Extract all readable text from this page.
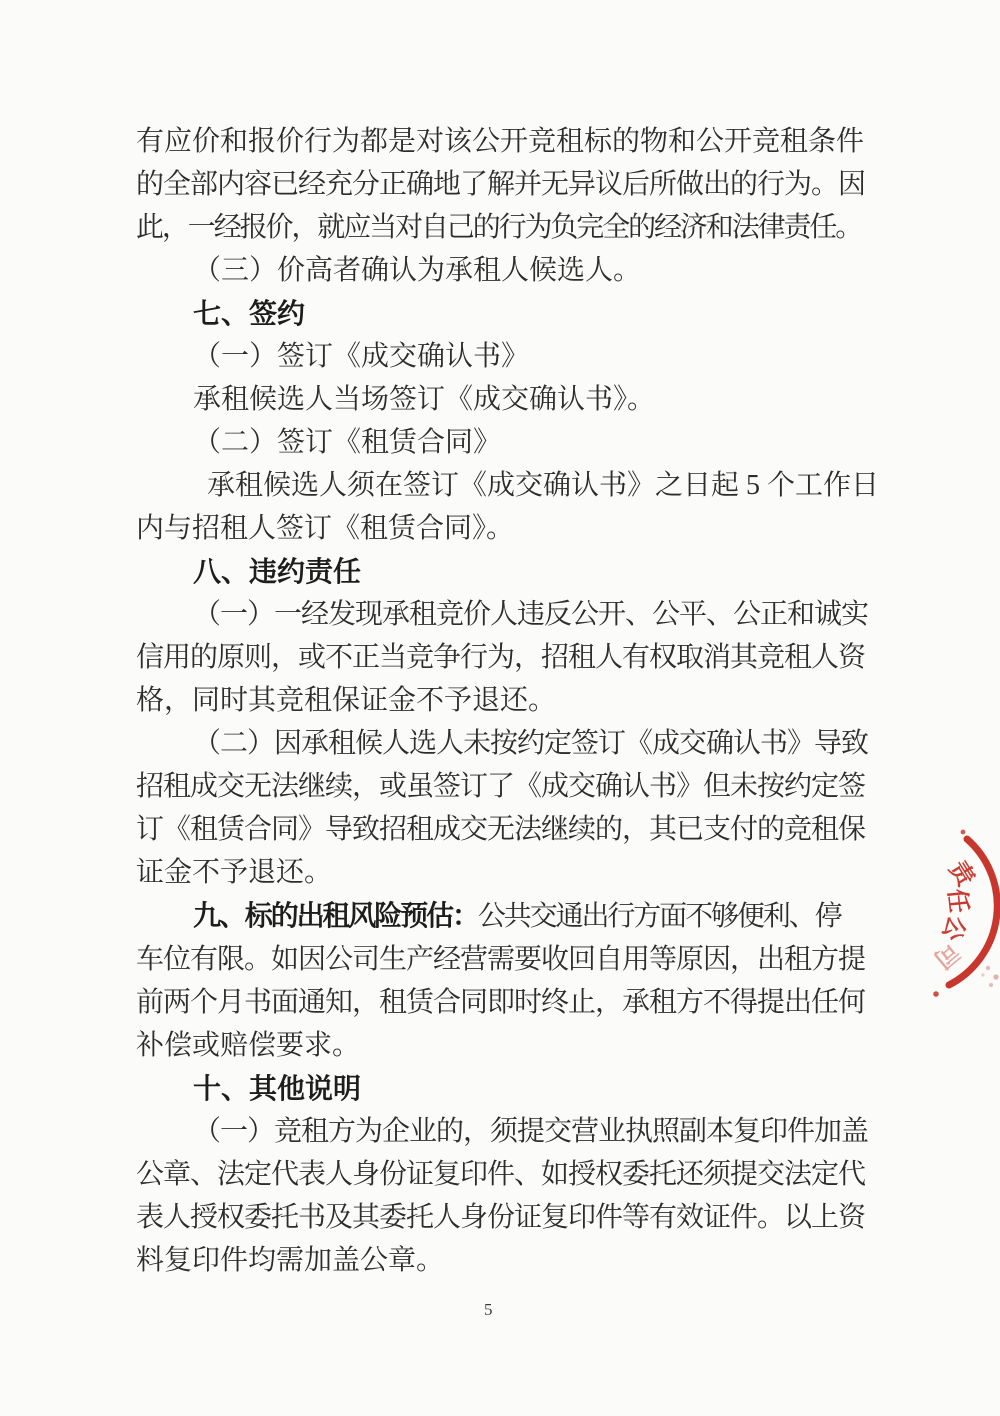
有应价和报价行为都是对该公开竞租标的物和公开竞租条件
的全部内容已经充分正确地了解并无异议后所做出的行为。因
此，一经报价，就应当对自己的行为负完全的经济和法律责任。
（三）价高者确认为承租人候选人。
七、签约
（一）签订《成交确认书》
承租候选人当场签订《成交确认书》。
（二）签订《租赁合同》
承租候选人须在签订《成交确认书》之日起 5 个工作日
内与招租人签订《租赁合同》。
八、违约责任
（一）一经发现承租竞价人违反公开、公平、公正和诚实
信用的原则，或不正当竞争行为，招租人有权取消其竞租人资
格，同时其竞租保证金不予退还。
（二）因承租候人选人未按约定签订《成交确认书》导致
招租成交无法继续，或虽签订了《成交确认书》但未按约定签
订《租赁合同》导致招租成交无法继续的，其已支付的竞租保
证金不予退还。
九、标的出租风险预估：公共交通出行方面不够便利、停
车位有限。如因公司生产经营需要收回自用等原因，出租方提
前两个月书面通知，租赁合同即时终止，承租方不得提出任何
补偿或赔偿要求。
十、其他说明
（一）竞租方为企业的，须提交营业执照副本复印件加盖
公章、法定代表人身份证复印件、如授权委托还须提交法定代
表人授权委托书及其委托人身份证复印件等有效证件。以上资
料复印件均需加盖公章。
责
任
公
司
5
